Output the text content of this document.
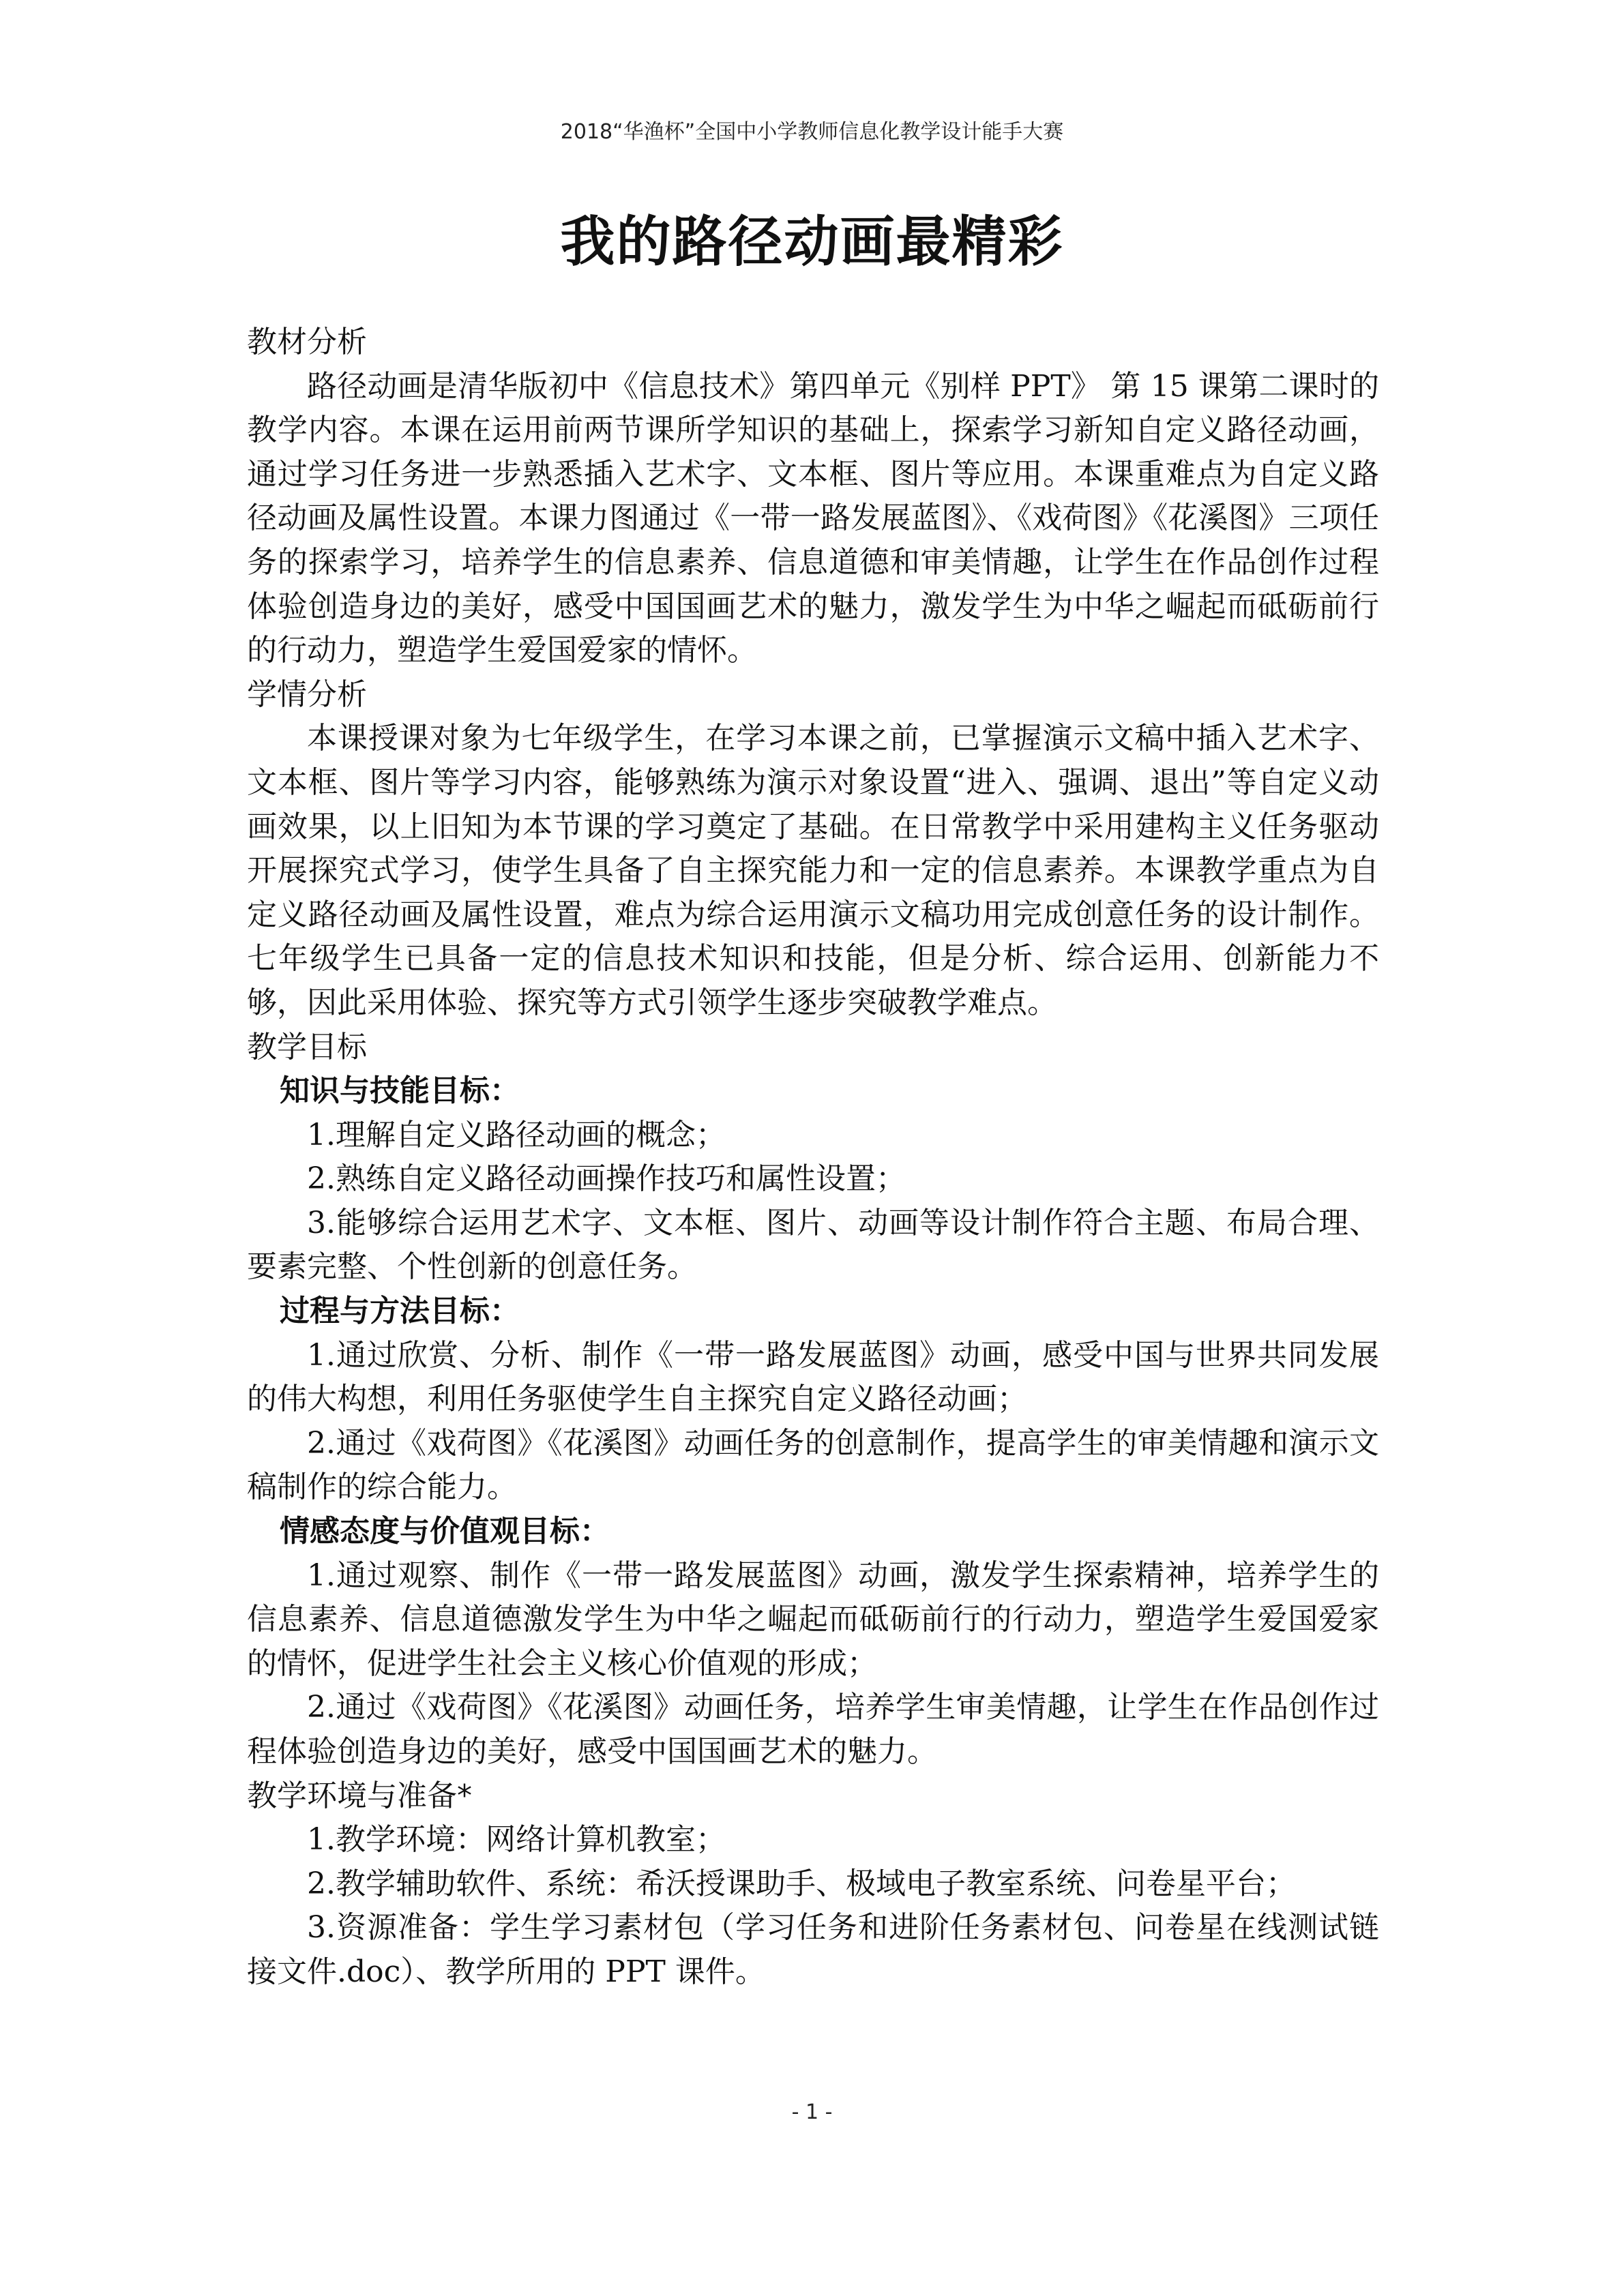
2018“华渔杯”全国中小学教师信息化教学设计能手大赛
我的路径动画最精彩
教材分析

路径动画是清华版初中《信息技术》第四单元《别样 PPT》 第 15 课第二课时的教学内容。本课在运用前两节课所学知识的基础上，探索学习新知自定义路径动画，通过学习任务进一步熟悉插入艺术字、文本框、图片等应用。本课重难点为自定义路径动画及属性设置。本课力图通过《一带一路发展蓝图》、《戏荷图》《花溪图》三项任务的探索学习，培养学生的信息素养、信息道德和审美情趣，让学生在作品创作过程体验创造身边的美好，感受中国国画艺术的魅力，激发学生为中华之崛起而砥砺前行的行动力，塑造学生爱国爱家的情怀。

学情分析

本课授课对象为七年级学生，在学习本课之前，已掌握演示文稿中插入艺术字、文本框、图片等学习内容，能够熟练为演示对象设置“进入、强调、退出”等自定义动画效果，以上旧知为本节课的学习奠定了基础。在日常教学中采用建构主义任务驱动开展探究式学习，使学生具备了自主探究能力和一定的信息素养。本课教学重点为自定义路径动画及属性设置，难点为综合运用演示文稿功用完成创意任务的设计制作。七年级学生已具备一定的信息技术知识和技能，但是分析、综合运用、创新能力不够，因此采用体验、探究等方式引领学生逐步突破教学难点。

教学目标

知识与技能目标：

1.理解自定义路径动画的概念；

2.熟练自定义路径动画操作技巧和属性设置；

3.能够综合运用艺术字、文本框、图片、动画等设计制作符合主题、布局合理、要素完整、个性创新的创意任务。

过程与方法目标：

1.通过欣赏、分析、制作《一带一路发展蓝图》动画，感受中国与世界共同发展的伟大构想，利用任务驱使学生自主探究自定义路径动画；

2.通过《戏荷图》《花溪图》动画任务的创意制作，提高学生的审美情趣和演示文稿制作的综合能力。

情感态度与价值观目标：

1.通过观察、制作《一带一路发展蓝图》动画，激发学生探索精神，培养学生的信息素养、信息道德激发学生为中华之崛起而砥砺前行的行动力，塑造学生爱国爱家的情怀，促进学生社会主义核心价值观的形成；

2.通过《戏荷图》《花溪图》动画任务，培养学生审美情趣，让学生在作品创作过程体验创造身边的美好，感受中国国画艺术的魅力。

教学环境与准备*

1.教学环境：网络计算机教室；

2.教学辅助软件、系统：希沃授课助手、极域电子教室系统、问卷星平台；

3.资源准备：学生学习素材包（学习任务和进阶任务素材包、问卷星在线测试链接文件.doc）、教学所用的 PPT 课件。

- 1 -
